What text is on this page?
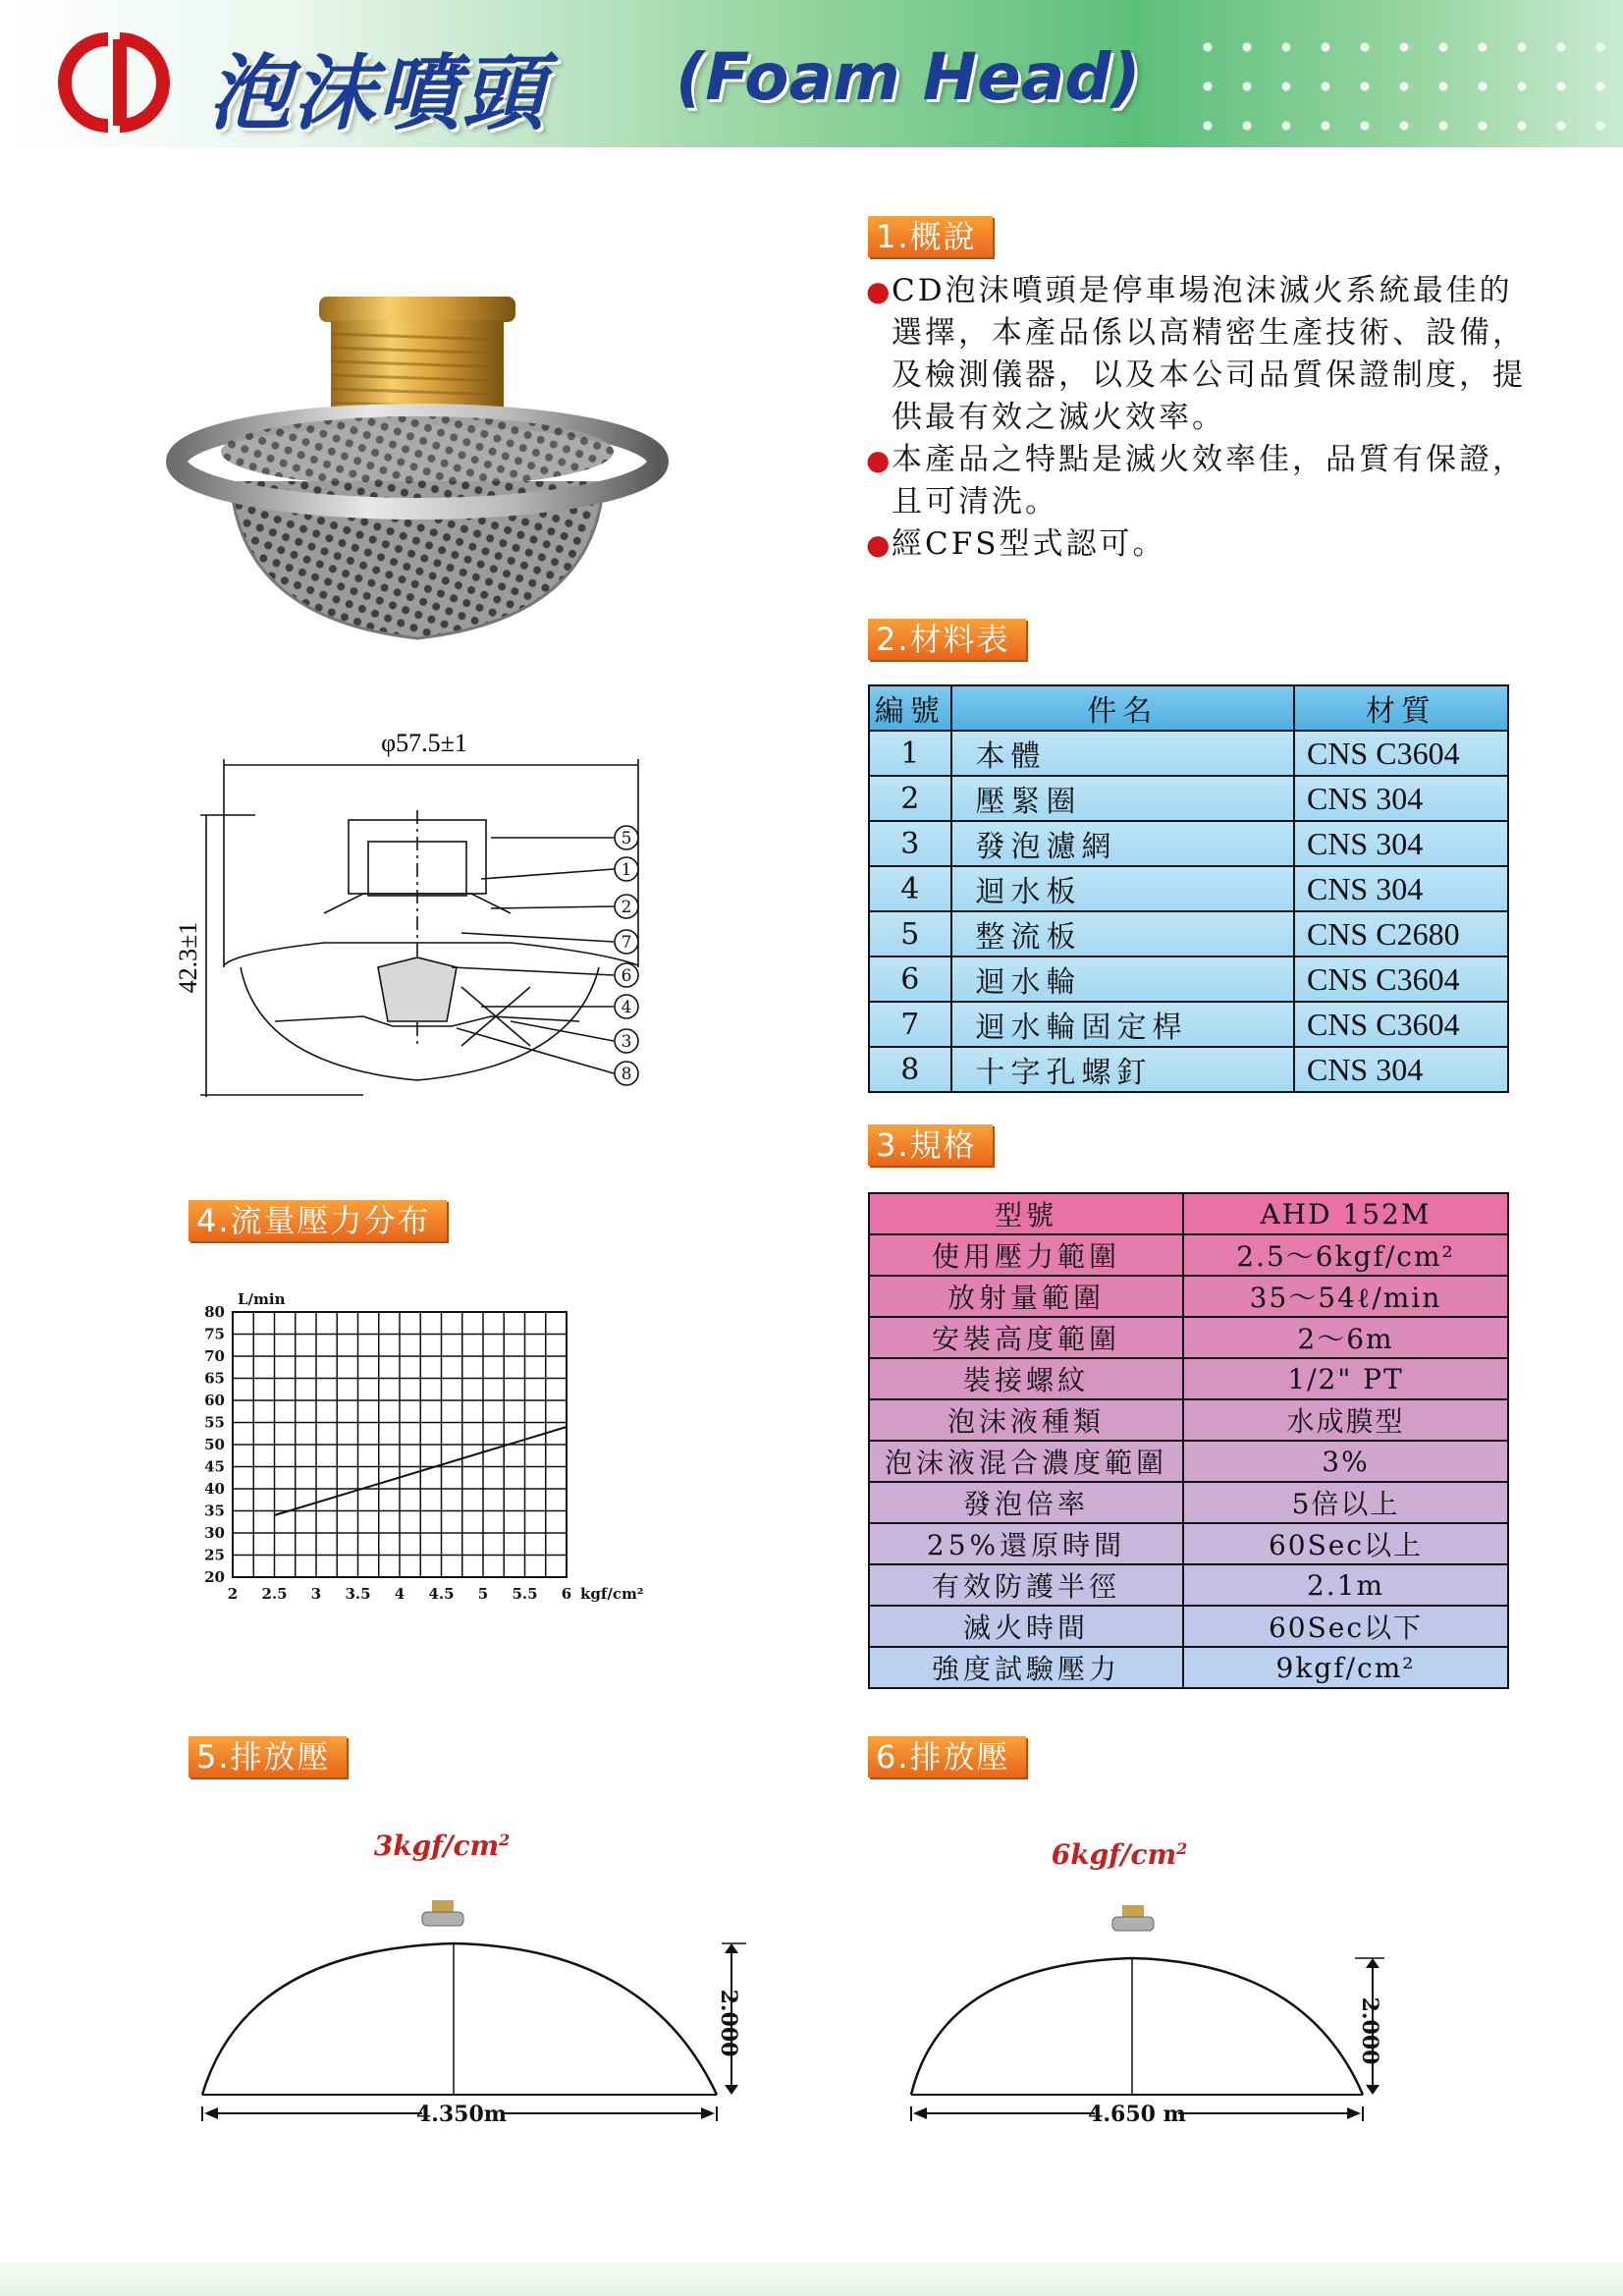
CD
泡沫噴頭 (Foam Head)
5
1
2
7
6
4
3
8
φ57.5±1
42.3±1
1.概說
●
CD泡沫噴頭是停車場泡沫滅火系統最佳的選擇，本產品係以高精密生產技術、設備，及檢測儀器，以及本公司品質保證制度，提供最有效之滅火效率。
●
本產品之特點是滅火效率佳，品質有保證，且可清洗。
●
經CFS型式認可。
2.材料表
編號	件名	材質
1	本體	CNS C3604
2	壓緊圈	CNS 304
3	發泡濾網	CNS 304
4	迴水板	CNS 304
5	整流板	CNS C2680
6	迴水輪	CNS C3604
7	迴水輪固定桿	CNS C3604
8	十字孔螺釘	CNS 304
3.規格
型號	AHD 152M
使用壓力範圍	2.5～6kgf/cm²
放射量範圍	35～54ℓ/min
安裝高度範圍	2～6m
裝接螺紋	1/2" PT
泡沫液種類	水成膜型
泡沫液混合濃度範圍	3%
發泡倍率	5倍以上
25%還原時間	60Sec以上
有效防護半徑	2.1m
滅火時間	60Sec以下
強度試驗壓力	9kgf/cm²
4.流量壓力分布
80
75
70
65
60
55
50
45
40
35
30
25
20
2 2.5 3 3.5 4 4.5 5 5.5 6
L/min
kgf/cm²
5.排放壓
$3kgf/cm^2$
2.000
4.350m
6.排放壓
$6kgf/cm^2$
2.000
4.650 m
